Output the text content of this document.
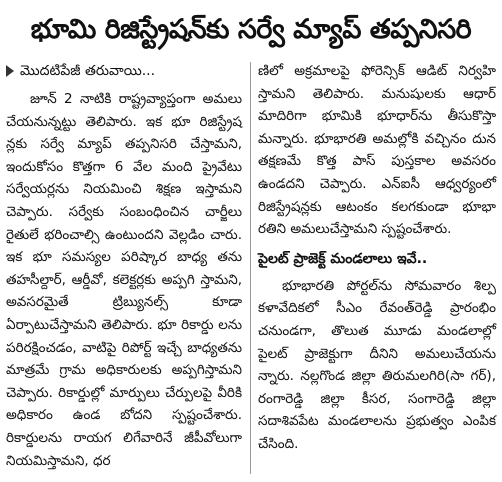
భూమి రిజిస్ట్రేషన్‌కు సర్వే మ్యాప్ తప్పనిసరి
మొదటిపేజీ తరువాయి...

జూన్ 2 నాటికి రాష్ట్రవ్యాప్తంగా అమలు చేయనున్నట్టు తెలిపారు. ఇక భూ రిజిస్ట్రేష న్లకు సర్వే మ్యాప్ తప్పనిసరి చేస్తామని, ఇందుకోసం కొత్తగా 6 వేల మంది ప్రైవేటు సర్వేయర్లను నియమించి శిక్షణ ఇస్తామని చెప్పారు. సర్వేకు సంబంధించిన చార్జీలు రైతులే భరించాల్సి ఉంటుందని వెల్లడిం చారు. ఇక భూ సమస్యల పరిష్కార బాధ్య తను తహసీల్దార్, ఆర్డీవో, కలెక్టర్లకు అప్పగి స్తామని, అవసరమైతే ట్రిబ్యునల్స్ కూడా ఏర్పాటుచేస్తామని తెలిపారు. భూ రికార్డు లను పరిరక్షించడం, వాటిపై రిపోర్ట్ ఇచ్చే బాధ్యతను మాత్రమే గ్రామ అధికారులకు అప్పగిస్తామని చెప్పారు. రికార్డుల్లో మార్పులు చేర్పులపై వీరికి అధికారం ఉండ బోదని స్పష్టంచేశారు. రికార్డులను రాయగ లిగేవారినే జీపీవోలుగా నియమిస్తామని, ధర

ణిలో అక్రమాలపై ఫోరెన్సిక్ ఆడిట్ నిర్వహి స్తామని తెలిపారు. మనుషులకు ఆధార్ మాదిరిగా భూమికి భూధార్‌ను తీసుకొస్తా మన్నారు. భూభారతి అమల్లోకి వచ్చినం దున తక్షణమే కొత్త పాస్ పుస్తకాల అవసరం ఉండదని చెప్పారు. ఎన్ఐసీ ఆధ్వర్యంలో రిజిస్ట్రేషన్లకు ఆటంకం కలగకుండా భూభా రతిని అమలుచేస్తామని స్పష్టంచేశారు.

పైలట్ ప్రాజెక్ట్ మండలాలు ఇవే..

భూభారతి పోర్టల్‌ను సోమవారం శిల్ప కళావేదికలో సీఎం రేవంత్‌రెడ్డి ప్రారంభిం చనుండగా, తొలుత మూడు మండలాల్లో పైలట్ ప్రాజెక్టుగా దీనిని అమలుచేయను న్నారు. నల్లగొండ జిల్లా తిరుమలగిరి(సా గర్), రంగారెడ్డి జిల్లా కీసర, సంగారెడ్డి జిల్లా సదాశివపేట మండలాలను ప్రభుత్వం ఎంపిక చేసింది.
